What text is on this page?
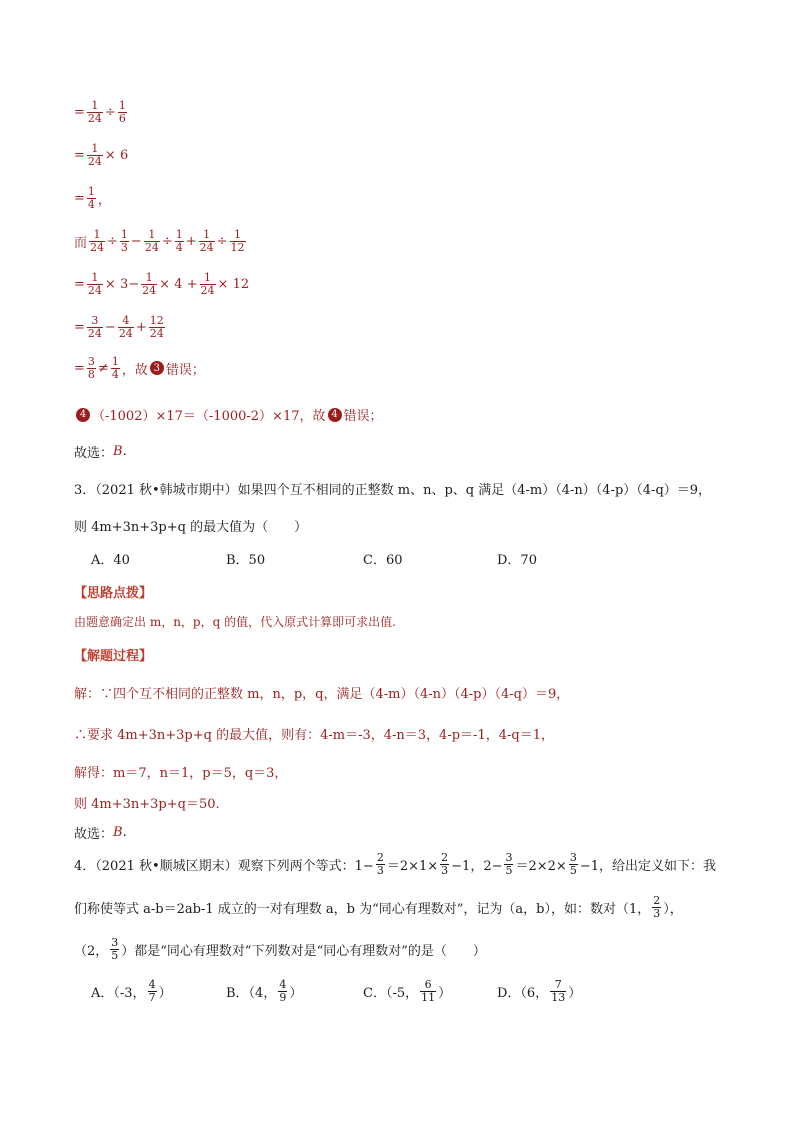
= $\frac{1}{24} \div \frac{1}{6}$
= $\frac{1}{24}$ ×
6
= $\frac{1}{4}$ ，
而 $\frac{1}{24} \div \frac{1}{3} - \frac{1}{24} \div \frac{1}{4} + \frac{1}{24} \div \frac{1}{12}$
= $\frac{1}{24}$ ×
$3 - \frac{1}{24}$ ×
4
+ $\frac{1}{24}$ ×
12
= $\frac{3}{24} - \frac{4}{24} + \frac{12}{24}$
= $\frac{3}{8} \ne \frac{1}{4}$ ，故 3 错误；
4 （-1002）×17＝（-1000-2）×17，故 4 错误；
故选： B .
3．（2021 秋•韩城市期中）如果四个互不相同的正整数 m、n、p、q 满足（4-m）（4-n）（4-p）（4-q）＝9，
则 4m+3n+3p+q 的最大值为（　　）
A．40	B．50	C．60	D．70
【思路点拨】
由题意确定出 m，n，p，q 的值，代入原式计算即可求出值.
【解题过程】
解：∵四个互不相同的正整数 m，n，p，q，满足（4-m）（4-n）（4-p）（4-q）＝9，
∴要求 4m+3n+3p+q 的最大值，则有：4-m＝-3，4-n＝3，4-p＝-1，4-q＝1，
解得：m＝7，n＝1，p＝5，q＝3，
则 4m+3n+3p+q＝50.
故选： B .
4．（2021 秋•顺城区期末）观察下列两个等式：$1- \frac{2}{3} =2\times 1\times \frac{2}{3} -1$，$2- \frac{3}{5} =2\times 2\times \frac{3}{5} -1$，给出定义如下：我
们称使等式 a-b＝2ab-1 成立的一对有理数 a，b 为“同心有理数对”，记为（a，b），如：数对（1， $\frac{2}{3}$ ），
（2， $\frac{3}{5}$ ）都是“同心有理数对”下列数对是“同心有理数对”的是（　　）
A．（-3， $\frac{4}{7}$ ）	B．（4， $\frac{4}{9}$ ）	C．（-5， $\frac{6}{11}$ ）	D．（6， $\frac{7}{13}$ ）
